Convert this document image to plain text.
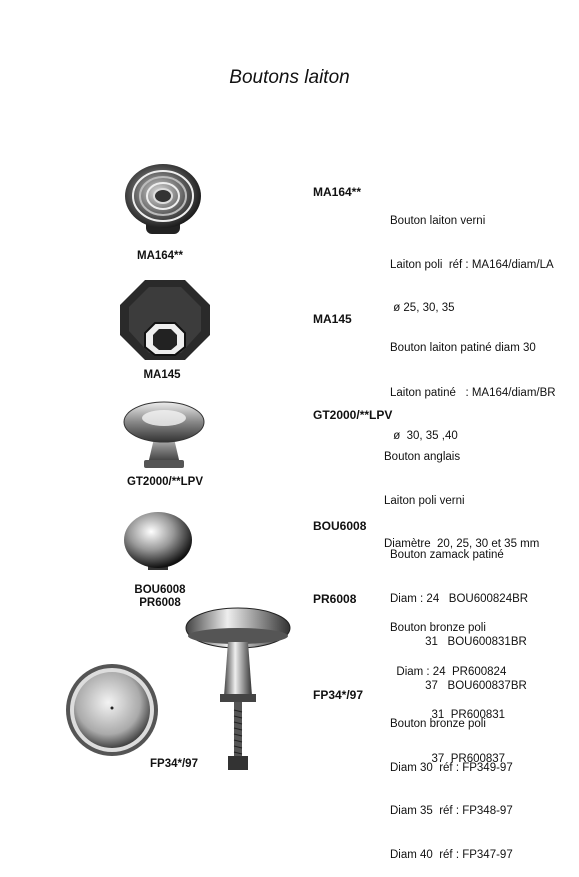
Boutons laiton
MA164**
MA145
GT2000/**LPV
BOU6008
PR6008
FP34*/97
MA164**
MA145
GT2000/**LPV
BOU6008
PR6008
FP34*/97

Bouton laiton verni

Laiton poli  réf : MA164/diam/LA

ø 25, 30, 35

Laiton patiné   : MA164/diam/BR

ø  30, 35 ,40

Bouton laiton patiné diam 30

Bouton anglais

Laiton poli verni

Diamètre  20, 25, 30 et 35 mm

Bouton zamack patiné

Diam : 24   BOU600824BR

31   BOU600831BR

37   BOU600837BR

Bouton bronze poli

Diam : 24  PR600824

31  PR600831

37  PR600837

Bouton bronze poli

Diam 30  réf : FP349-97

Diam 35  réf : FP348-97

Diam 40  réf : FP347-97
